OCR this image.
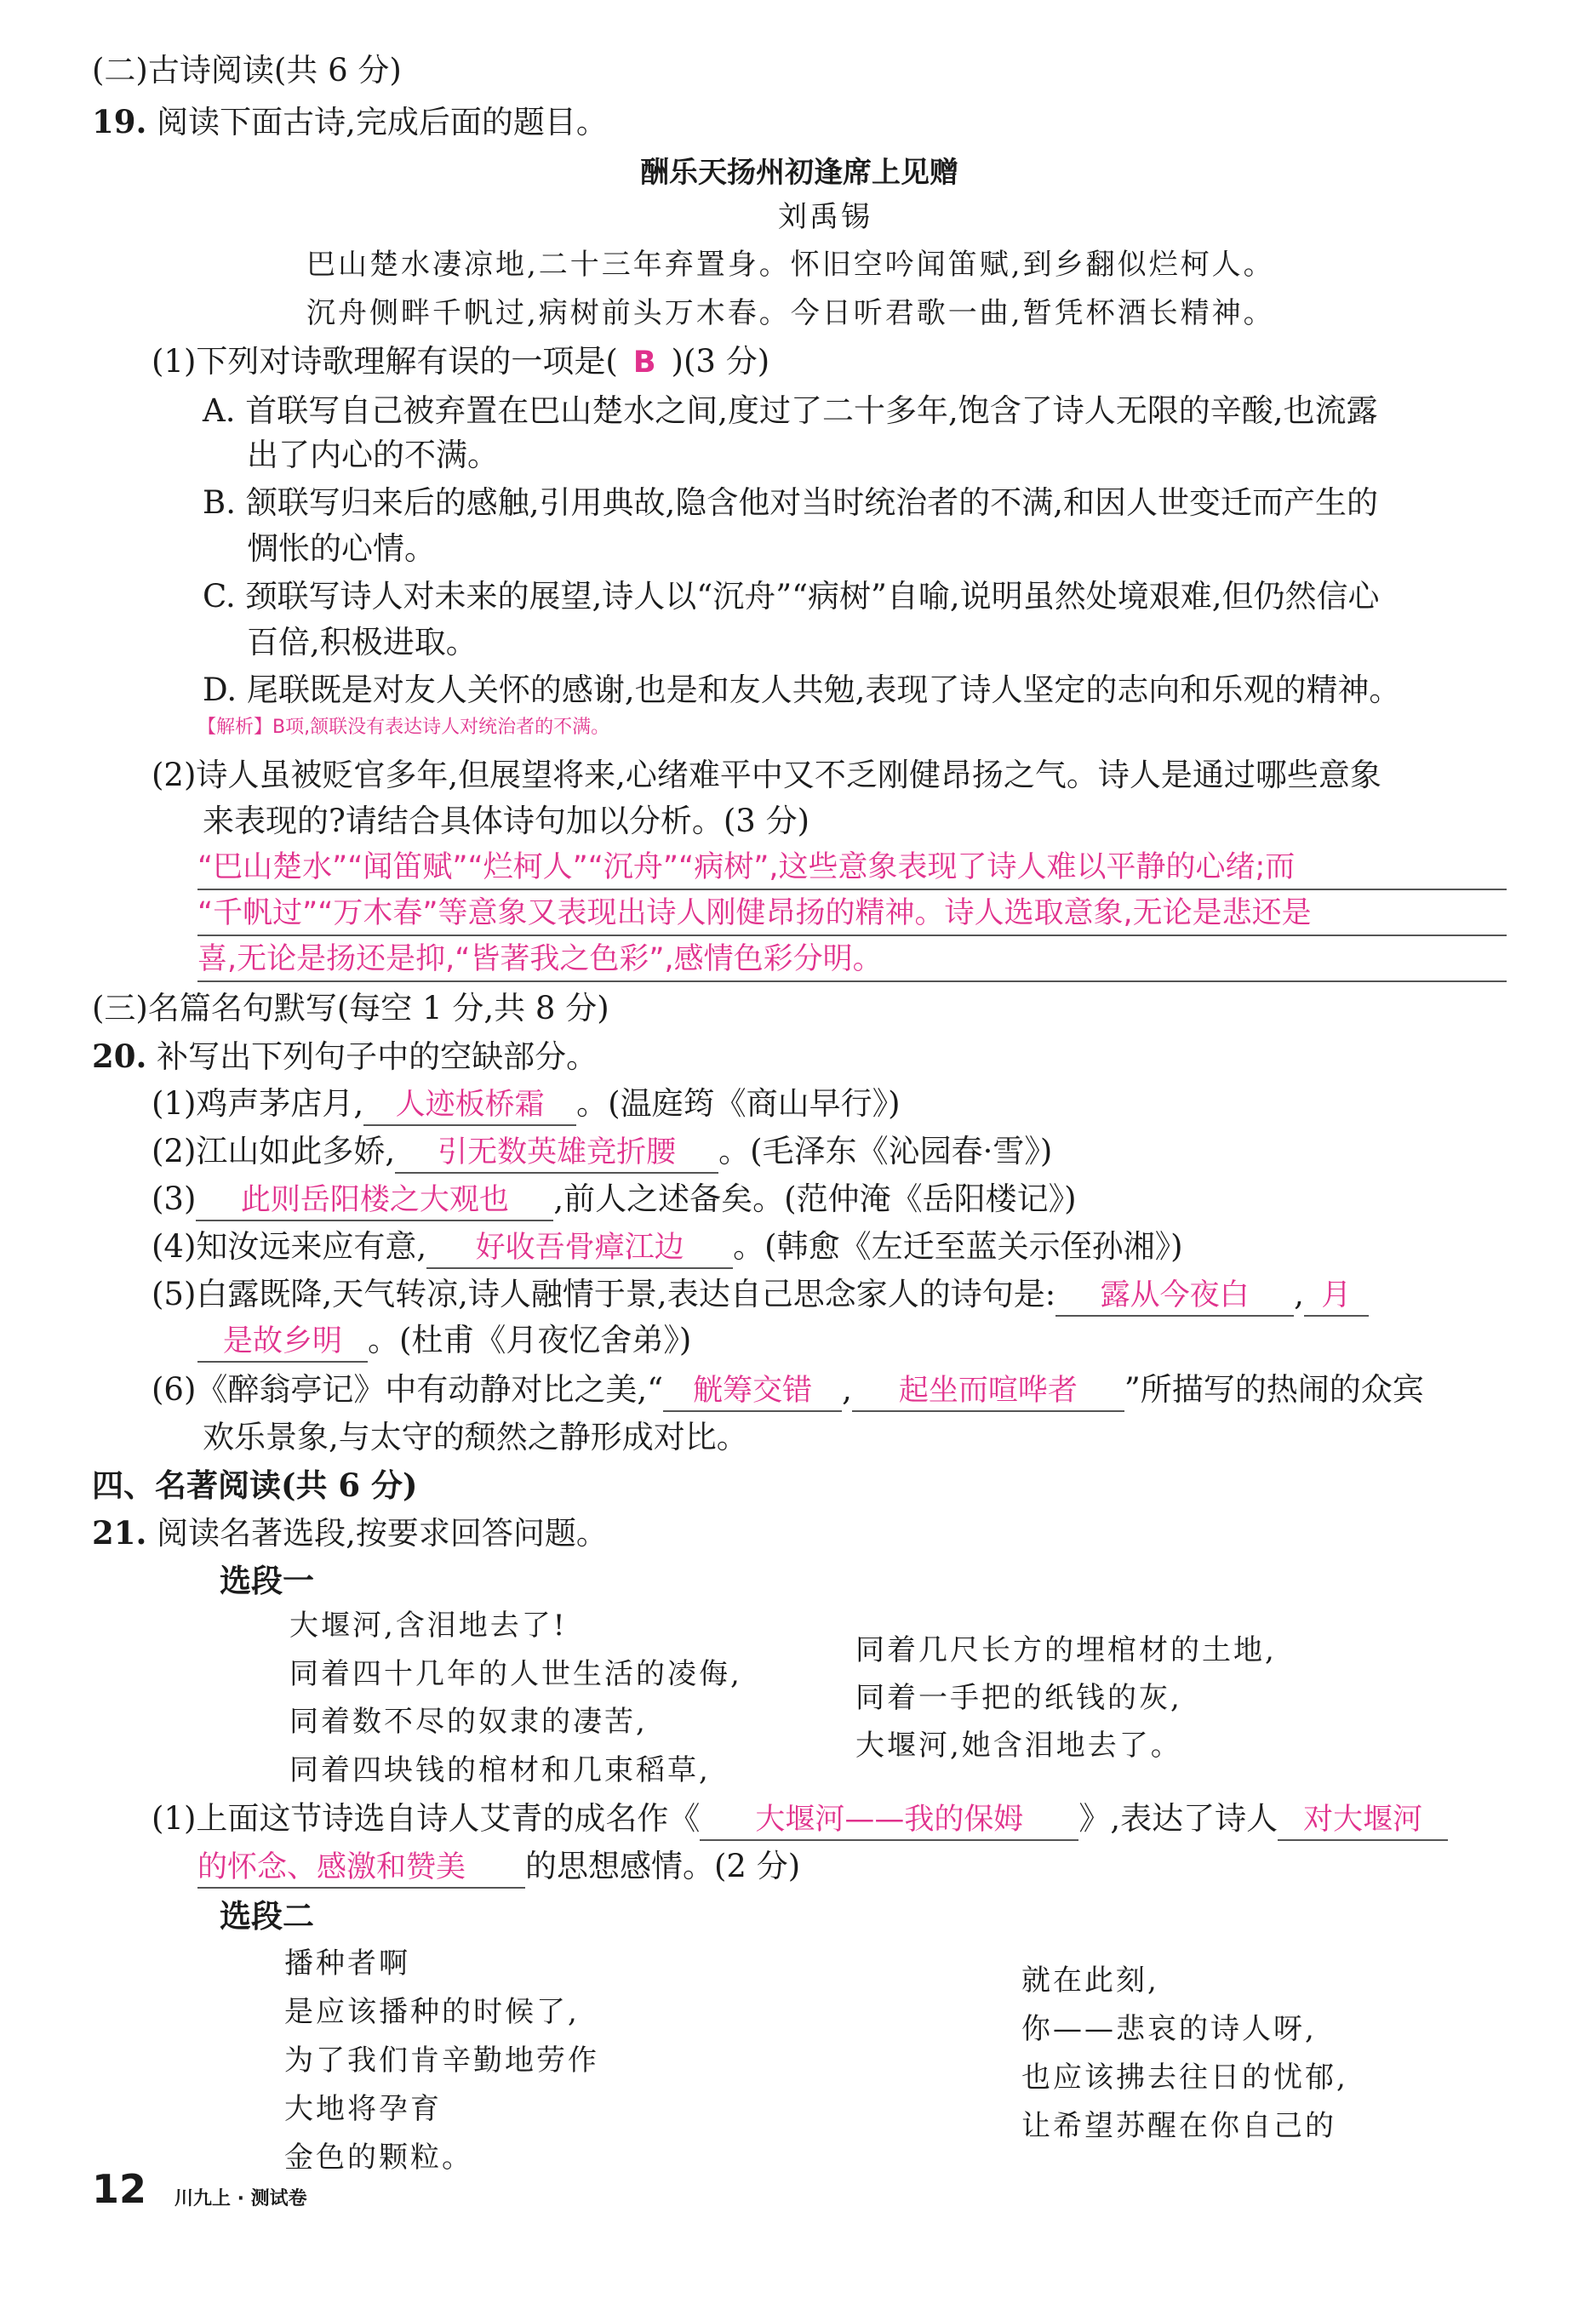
(二)古诗阅读(共 6 分)
19. 阅读下面古诗,完成后面的题目。
酬乐天扬州初逢席上见赠
刘禹锡
巴山楚水凄凉地,二十三年弃置身。怀旧空吟闻笛赋,到乡翻似烂柯人。
沉舟侧畔千帆过,病树前头万木春。今日听君歌一曲,暂凭杯酒长精神。
(1)下列对诗歌理解有误的一项是( B )(3 分)
A. 首联写自己被弃置在巴山楚水之间,度过了二十多年,饱含了诗人无限的辛酸,也流露
出了内心的不满。
B. 颔联写归来后的感触,引用典故,隐含他对当时统治者的不满,和因人世变迁而产生的
惆怅的心情。
C. 颈联写诗人对未来的展望,诗人以“沉舟”“病树”自喻,说明虽然处境艰难,但仍然信心
百倍,积极进取。
D. 尾联既是对友人关怀的感谢,也是和友人共勉,表现了诗人坚定的志向和乐观的精神。
【解析】B项,颔联没有表达诗人对统治者的不满。
(2)诗人虽被贬官多年,但展望将来,心绪难平中又不乏刚健昂扬之气。诗人是通过哪些意象
来表现的?请结合具体诗句加以分析。(3 分)
“巴山楚水”“闻笛赋”“烂柯人”“沉舟”“病树”,这些意象表现了诗人难以平静的心绪;而
“千帆过”“万木春”等意象又表现出诗人刚健昂扬的精神。诗人选取意象,无论是悲还是
喜,无论是扬还是抑,“皆著我之色彩”,感情色彩分明。
(三)名篇名句默写(每空 1 分,共 8 分)
20. 补写出下列句子中的空缺部分。
(1)鸡声茅店月, 人迹板桥霜 。(温庭筠《商山早行》)
(2)江山如此多娇, 引无数英雄竞折腰 。(毛泽东《沁园春·雪》)
(3) 此则岳阳楼之大观也 ,前人之述备矣。(范仲淹《岳阳楼记》)
(4)知汝远来应有意, 好收吾骨瘴江边 。(韩愈《左迁至蓝关示侄孙湘》)
(5)白露既降,天气转凉,诗人融情于景,表达自己思念家人的诗句是: 露从今夜白 , 月
是故乡明 。(杜甫《月夜忆舍弟》)
(6)《醉翁亭记》中有动静对比之美,“ 觥筹交错 , 起坐而喧哗者 ”所描写的热闹的众宾
欢乐景象,与太守的颓然之静形成对比。
四、名著阅读(共 6 分)
21. 阅读名著选段,按要求回答问题。
选段一
大堰河,含泪地去了!
同着四十几年的人世生活的凌侮,
同着数不尽的奴隶的凄苦,
同着四块钱的棺材和几束稻草,
同着几尺长方的埋棺材的土地,
同着一手把的纸钱的灰,
大堰河,她含泪地去了。
(1)上面这节诗选自诗人艾青的成名作《 大堰河——我的保姆 》,表达了诗人 对大堰河
的怀念、感激和赞美 的思想感情。(2 分)
选段二
播种者啊
是应该播种的时候了,
为了我们肯辛勤地劳作
大地将孕育
金色的颗粒。
就在此刻,
你——悲哀的诗人呀,
也应该拂去往日的忧郁,
让希望苏醒在你自己的
12 川九上 · 测试卷
